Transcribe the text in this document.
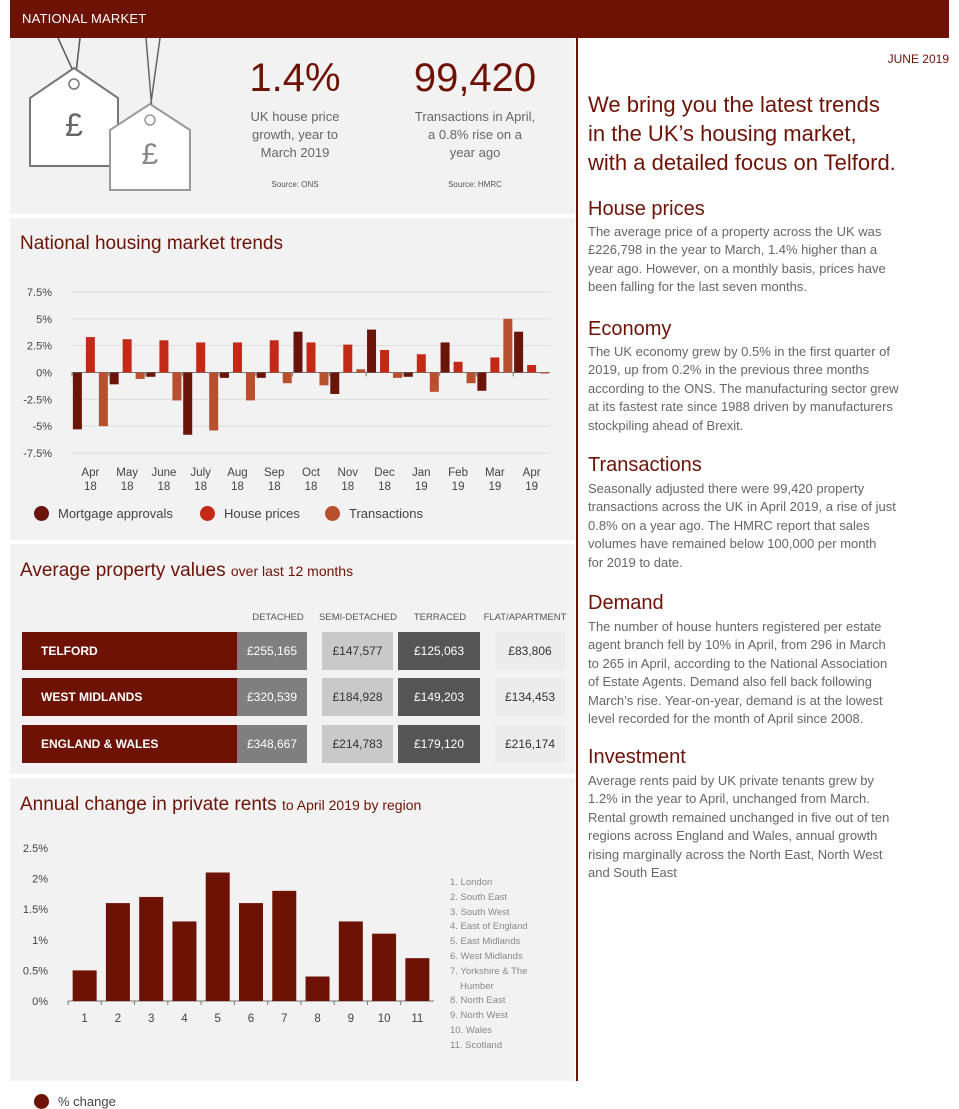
NATIONAL MARKET
£
£
1.4%
UK house price
growth, year to
March 2019
Source: ONS
99,420
Transactions in April,
a 0.8% rise on a
year ago
Source: HMRC
National housing market trends
7.5%
5%
2.5%
0%
-2.5%
-5%
-7.5%
Apr
18
May
18
June
18
July
18
Aug
18
Sep
18
Oct
18
Nov
18
Dec
18
Jan
19
Feb
19
Mar
19
Apr
19
Mortgage approvals	House prices	Transactions
Average property values over last 12 months
DETACHED	SEMI-DETACHED	TERRACED	FLAT/APARTMENT
TELFORD	£255,165	£147,577	£125,063	£83,806
WEST MIDLANDS	£320,539	£184,928	£149,203	£134,453
ENGLAND & WALES	£348,667	£214,783	£179,120	£216,174
Annual change in private rents to April 2019 by region
2.5%
2%
1.5%
1%
0.5%
0%
1 2 3 4 5 6 7 8 9 10 11
1. London
2. South East
3. South West
4. East of England
5. East Midlands
6. West Midlands
7. Yorkshire & The
Humber
8. North East
9. North West
10. Wales
11. Scotland
% change
JUNE 2019
We bring you the latest trends
in the UK’s housing market,
with a detailed focus on Telford.
House prices
The average price of a property across the UK was
£226,798 in the year to March, 1.4% higher than a
year ago. However, on a monthly basis, prices have
been falling for the last seven months.
Economy
The UK economy grew by 0.5% in the first quarter of
2019, up from 0.2% in the previous three months
according to the ONS. The manufacturing sector grew
at its fastest rate since 1988 driven by manufacturers
stockpiling ahead of Brexit.
Transactions
Seasonally adjusted there were 99,420 property
transactions across the UK in April 2019, a rise of just
0.8% on a year ago. The HMRC report that sales
volumes have remained below 100,000 per month
for 2019 to date.
Demand
The number of house hunters registered per estate
agent branch fell by 10% in April, from 296 in March
to 265 in April, according to the National Association
of Estate Agents. Demand also fell back following
March’s rise. Year-on-year, demand is at the lowest
level recorded for the month of April since 2008.
Investment
Average rents paid by UK private tenants grew by
1.2% in the year to April, unchanged from March.
Rental growth remained unchanged in five out of ten
regions across England and Wales, annual growth
rising marginally across the North East, North West
and South East
